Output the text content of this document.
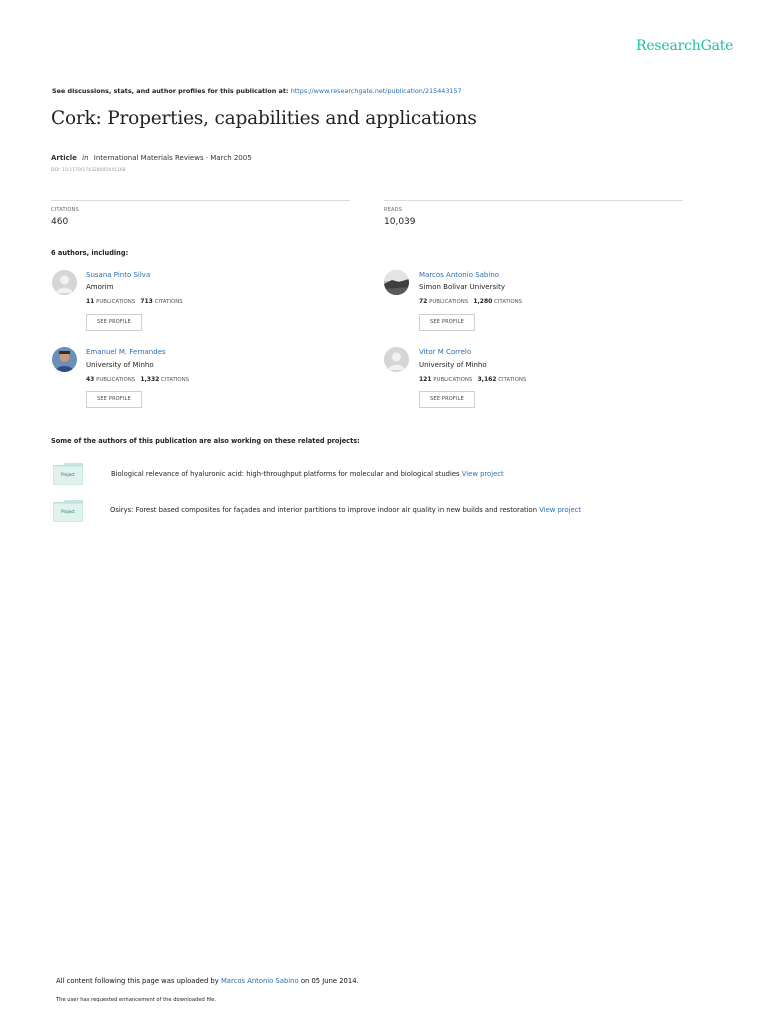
ResearchGate
See discussions, stats, and author profiles for this publication at: https://www.researchgate.net/publication/215443157
Cork: Properties, capabilities and applications
Article in International Materials Reviews · March 2005
DOI: 10.1179/174328005X41168
CITATIONS
460
READS
10,039
6 authors, including:
Susana Pinto Silva
Amorim
11 PUBLICATIONS 713 CITATIONS
SEE PROFILE
Marcos Antonio Sabino
Simon Bolivar University
72 PUBLICATIONS 1,280 CITATIONS
SEE PROFILE
Emanuel M. Fernandes
University of Minho
43 PUBLICATIONS 1,332 CITATIONS
SEE PROFILE
Vitor M Correlo
University of Minho
121 PUBLICATIONS 3,162 CITATIONS
SEE PROFILE
Some of the authors of this publication are also working on these related projects:
Project	Biological relevance of hyaluronic acid: high-throughput platforms for molecular and biological studies View project
Project	Osirys: Forest based composites for façades and interior partitions to improve indoor air quality in new builds and restoration View project
All content following this page was uploaded by Marcos Antonio Sabino on 05 June 2014.
The user has requested enhancement of the downloaded file.
